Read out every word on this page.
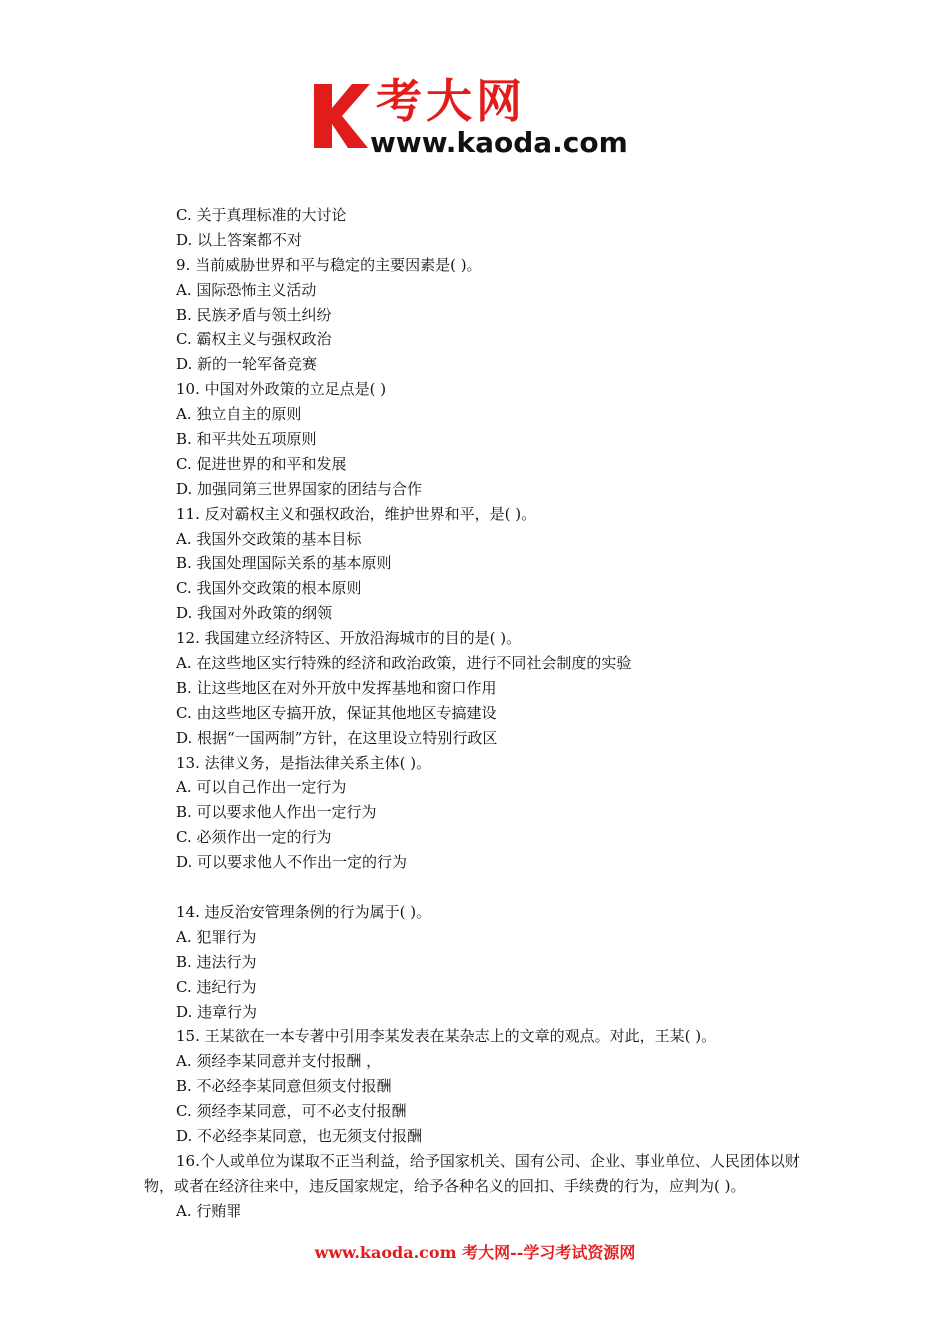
考大网
www.kaoda.com
C. 关于真理标准的大讨论
D. 以上答案都不对
9. 当前威胁世界和平与稳定的主要因素是( )。
A. 国际恐怖主义活动
B. 民族矛盾与领土纠纷
C. 霸权主义与强权政治
D. 新的一轮军备竞赛
10. 中国对外政策的立足点是( )
A. 独立自主的原则
B. 和平共处五项原则
C. 促进世界的和平和发展
D. 加强同第三世界国家的团结与合作
11. 反对霸权主义和强权政治，维护世界和平，是( )。
A. 我国外交政策的基本目标
B. 我国处理国际关系的基本原则
C. 我国外交政策的根本原则
D. 我国对外政策的纲领
12. 我国建立经济特区、开放沿海城市的目的是( )。
A. 在这些地区实行特殊的经济和政治政策，进行不同社会制度的实验
B. 让这些地区在对外开放中发挥基地和窗口作用
C. 由这些地区专搞开放，保证其他地区专搞建设
D. 根据“一国两制”方针，在这里设立特别行政区
13. 法律义务，是指法律关系主体( )。
A. 可以自己作出一定行为
B. 可以要求他人作出一定行为
C. 必须作出一定的行为
D. 可以要求他人不作出一定的行为
14. 违反治安管理条例的行为属于( )。
A. 犯罪行为
B. 违法行为
C. 违纪行为
D. 违章行为
15. 王某欲在一本专著中引用李某发表在某杂志上的文章的观点。对此，王某( )。
A. 须经李某同意并支付报酬 ，
B. 不必经李某同意但须支付报酬
C. 须经李某同意，可不必支付报酬
D. 不必经李某同意，也无须支付报酬
16.个人或单位为谋取不正当利益，给予国家机关、国有公司、企业、事业单位、人民团体以财物，或者在经济往来中，违反国家规定，给予各种名义的回扣、手续费的行为，应判为( )。
A. 行贿罪
www.kaoda.com 考大网--学习考试资源网
